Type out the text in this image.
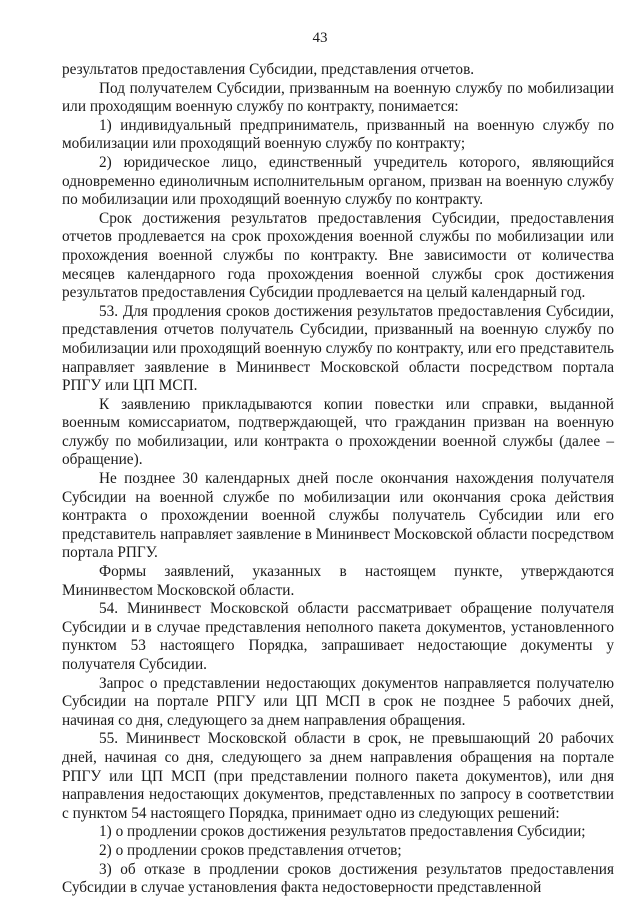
43

результатов предоставления Субсидии, представления отчетов.

Под получателем Субсидии, призванным на военную службу по мобилизации или проходящим военную службу по контракту, понимается:

1) индивидуальный предприниматель, призванный на военную службу по мобилизации или проходящий военную службу по контракту;

2) юридическое лицо, единственный учредитель которого, являющийся одновременно единоличным исполнительным органом, призван на военную службу по мобилизации или проходящий военную службу по контракту.

Срок достижения результатов предоставления Субсидии, предоставления отчетов продлевается на срок прохождения военной службы по мобилизации или прохождения военной службы по контракту. Вне зависимости от количества месяцев календарного года прохождения военной службы срок достижения результатов предоставления Субсидии продлевается на целый календарный год.

53. Для продления сроков достижения результатов предоставления Субсидии, представления отчетов получатель Субсидии, призванный на военную службу по мобилизации или проходящий военную службу по контракту, или его представитель направляет заявление в Мининвест Московской области посредством портала РПГУ или ЦП МСП.

К заявлению прикладываются копии повестки или справки, выданной военным комиссариатом, подтверждающей, что гражданин призван на военную службу по мобилизации, или контракта о прохождении военной службы (далее – обращение).

Не позднее 30 календарных дней после окончания нахождения получателя Субсидии на военной службе по мобилизации или окончания срока действия контракта о прохождении военной службы получатель Субсидии или его представитель направляет заявление в Мининвест Московской области посредством портала РПГУ.

Формы заявлений, указанных в настоящем пункте, утверждаются Мининвестом Московской области.

54. Мининвест Московской области рассматривает обращение получателя Субсидии и в случае представления неполного пакета документов, установленного пунктом 53 настоящего Порядка, запрашивает недостающие документы у получателя Субсидии.

Запрос о представлении недостающих документов направляется получателю Субсидии на портале РПГУ или ЦП МСП в срок не позднее 5 рабочих дней, начиная со дня, следующего за днем направления обращения.

55. Мининвест Московской области в срок, не превышающий 20 рабочих дней, начиная со дня, следующего за днем направления обращения на портале РПГУ или ЦП МСП (при представлении полного пакета документов), или дня направления недостающих документов, представленных по запросу в соответствии с пунктом 54 настоящего Порядка, принимает одно из следующих решений:

1) о продлении сроков достижения результатов предоставления Субсидии;

2) о продлении сроков представления отчетов;

3) об отказе в продлении сроков достижения результатов предоставления Субсидии в случае установления факта недостоверности представленной
